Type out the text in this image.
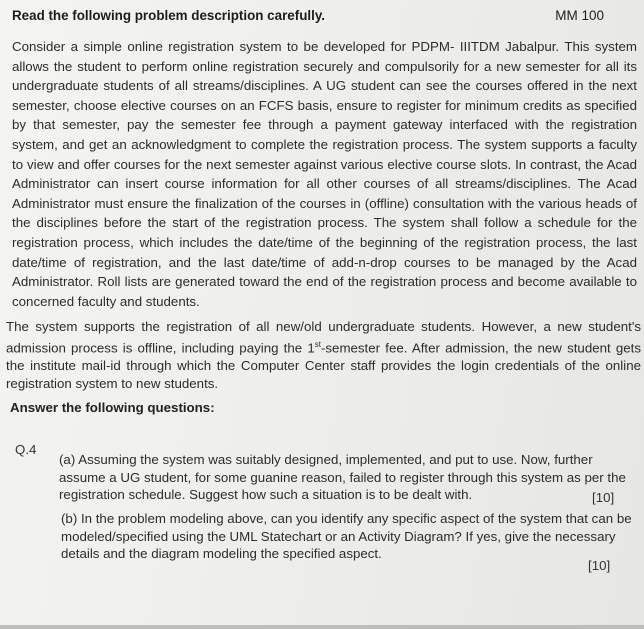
Read the following problem description carefully.	MM 100
Consider a simple online registration system to be developed for PDPM- IIITDM Jabalpur. This system allows the student to perform online registration securely and compulsorily for a new semester for all its undergraduate students of all streams/disciplines. A UG student can see the courses offered in the next semester, choose elective courses on an FCFS basis, ensure to register for minimum credits as specified by that semester, pay the semester fee through a payment gateway interfaced with the registration system, and get an acknowledgment to complete the registration process. The system supports a faculty to view and offer courses for the next semester against various elective course slots. In contrast, the Acad Administrator can insert course information for all other courses of all streams/disciplines. The Acad Administrator must ensure the finalization of the courses in (offline) consultation with the various heads of the disciplines before the start of the registration process. The system shall follow a schedule for the registration process, which includes the date/time of the beginning of the registration process, the last date/time of registration, and the last date/time of add-n-drop courses to be managed by the Acad Administrator. Roll lists are generated toward the end of the registration process and become available to concerned faculty and students.
The system supports the registration of all new/old undergraduate students. However, a new student's admission process is offline, including paying the 1st-semester fee. After admission, the new student gets the institute mail-id through which the Computer Center staff provides the login credentials of the online registration system to new students.
Answer the following questions:
Q.4
(a) Assuming the system was suitably designed, implemented, and put to use. Now, further assume a UG student, for some guanine reason, failed to register through this system as per the registration schedule. Suggest how such a situation is to be dealt with.	[10]
(b) In the problem modeling above, can you identify any specific aspect of the system that can be modeled/specified using the UML Statechart or an Activity Diagram? If yes, give the necessary details and the diagram modeling the specified aspect.
[10]
